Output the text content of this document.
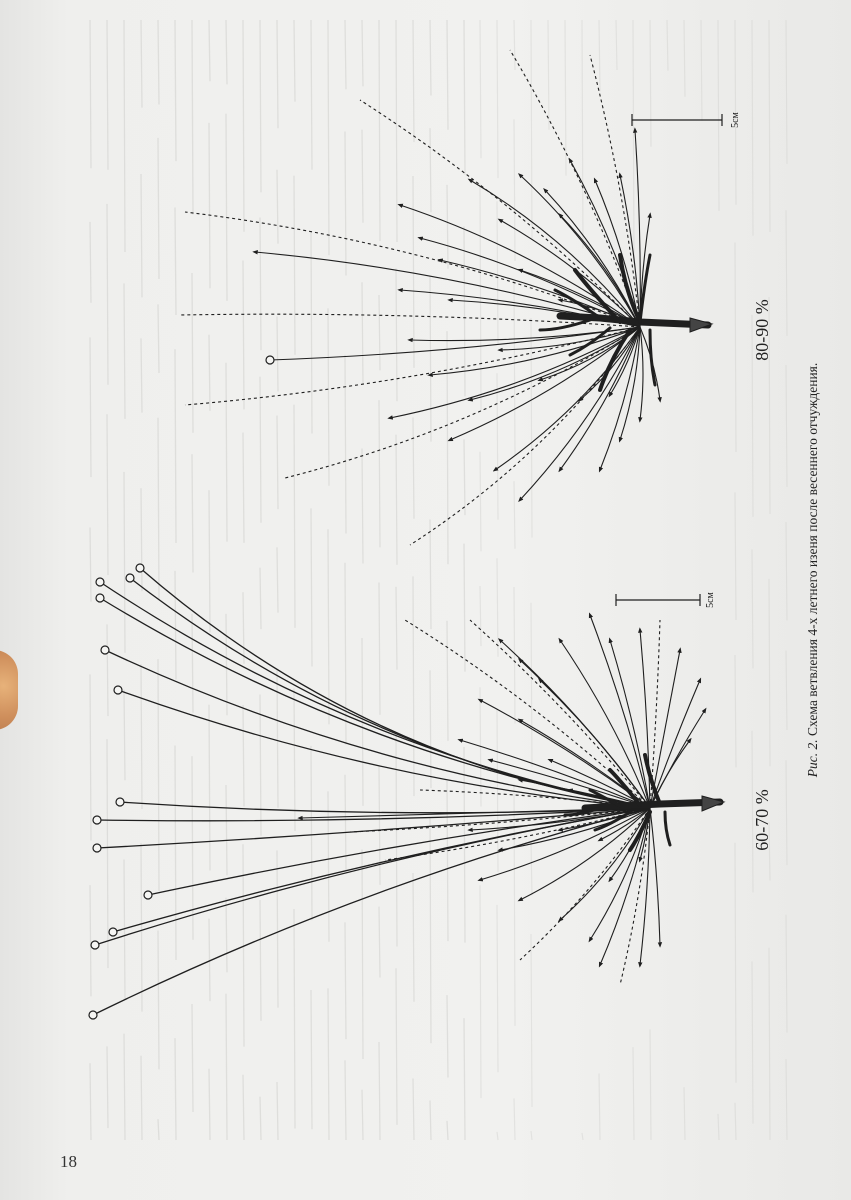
5см
80-90 %
5см
60-70 %
Рис. 2. Схема ветвления 4-х летнего изеня после весеннего отчуждения.
18
